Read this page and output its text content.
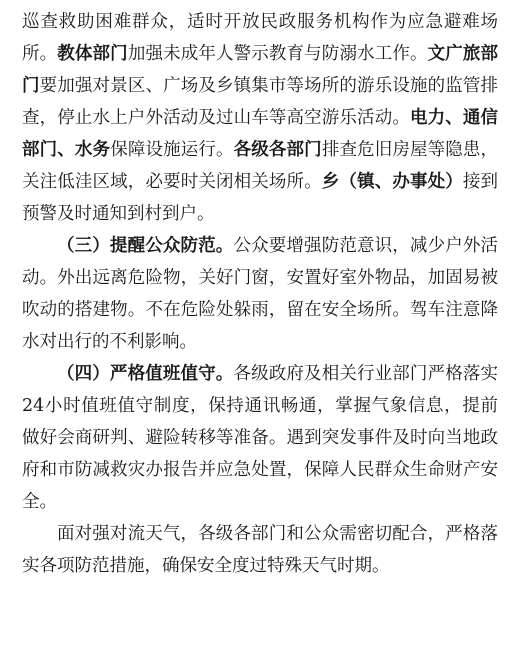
巡查救助困难群众，适时开放民政服务机构作为应急避难场所。教体部门加强未成年人警示教育与防溺水工作。文广旅部门要加强对景区、广场及乡镇集市等场所的游乐设施的监管排查，停止水上户外活动及过山车等高空游乐活动。电力、通信部门、水务保障设施运行。各级各部门排查危旧房屋等隐患，关注低洼区域，必要时关闭相关场所。乡（镇、办事处）接到预警及时通知到村到户。

（三）提醒公众防范。公众要增强防范意识，减少户外活动。外出远离危险物，关好门窗，安置好室外物品，加固易被吹动的搭建物。不在危险处躲雨，留在安全场所。驾车注意降水对出行的不利影响。

（四）严格值班值守。各级政府及相关行业部门严格落实24小时值班值守制度，保持通讯畅通，掌握气象信息，提前做好会商研判、避险转移等准备。遇到突发事件及时向当地政府和市防减救灾办报告并应急处置，保障人民群众生命财产安全。

面对强对流天气，各级各部门和公众需密切配合，严格落实各项防范措施，确保安全度过特殊天气时期。
